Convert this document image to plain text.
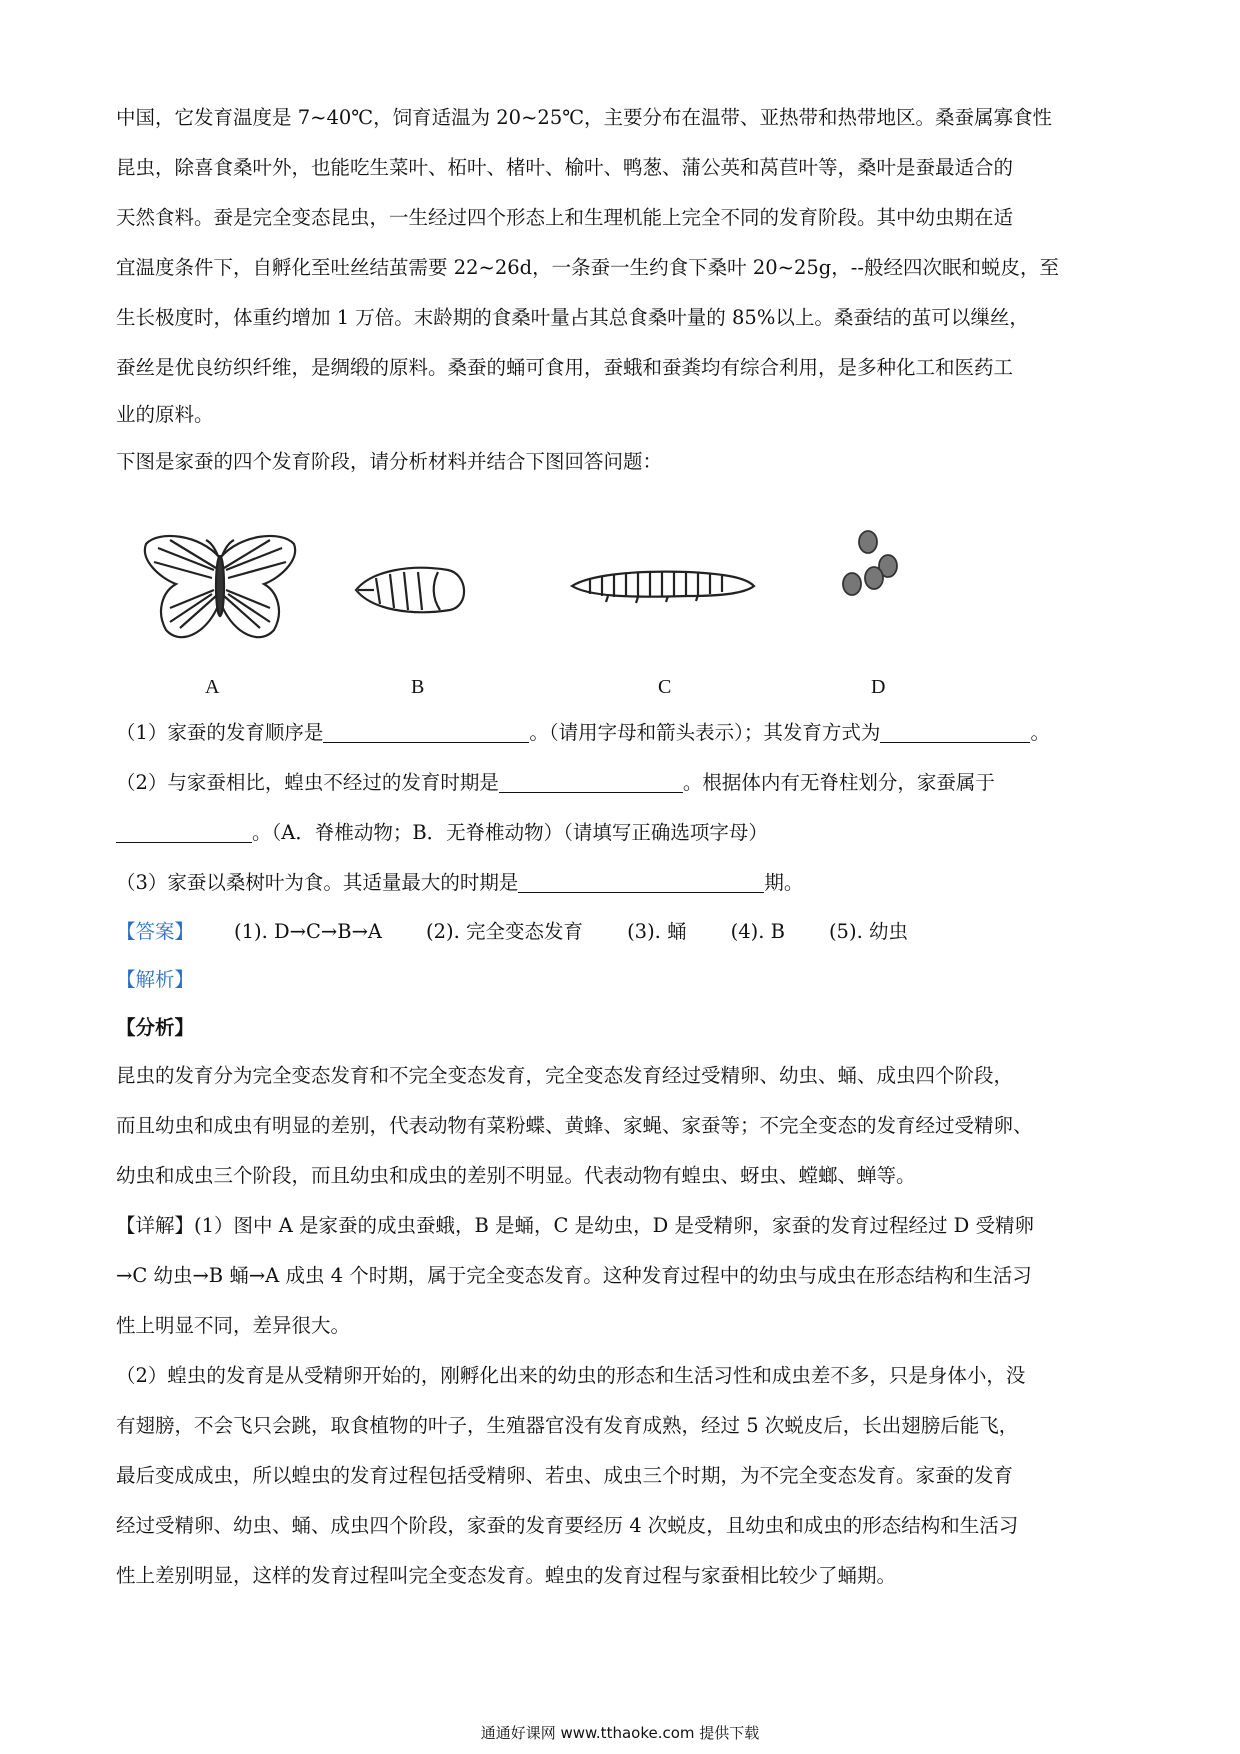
中国，它发育温度是 7~40℃，饲育适温为 20~25℃，主要分布在温带、亚热带和热带地区。桑蚕属寡食性
昆虫，除喜食桑叶外，也能吃生菜叶、柘叶、楮叶、榆叶、鸭葱、蒲公英和莴苣叶等，桑叶是蚕最适合的
天然食料。蚕是完全变态昆虫，一生经过四个形态上和生理机能上完全不同的发育阶段。其中幼虫期在适
宜温度条件下，自孵化至吐丝结茧需要 22~26d，一条蚕一生约食下桑叶 20~25g，--般经四次眠和蜕皮，至
生长极度时，体重约增加 1 万倍。末龄期的食桑叶量占其总食桑叶量的 85%以上。桑蚕结的茧可以缫丝，
蚕丝是优良纺织纤维，是绸缎的原料。桑蚕的蛹可食用，蚕蛾和蚕粪均有综合利用，是多种化工和医药工
业的原料。
下图是家蚕的四个发育阶段，请分析材料并结合下图回答问题：
A	B	C	D
（1）家蚕的发育顺序是	。（请用字母和箭头表示）；其发育方式为	。
（2）与家蚕相比，蝗虫不经过的发育时期是	。根据体内有无脊柱划分，家蚕属于
。（A．脊椎动物；B．无脊椎动物）（请填写正确选项字母）
（3）家蚕以桑树叶为食。其适量最大的时期是	期。
【答案】 (1). D→C→B→A (2). 完全变态发育 (3). 蛹 (4). B (5). 幼虫
【解析】
【分析】
昆虫的发育分为完全变态发育和不完全变态发育，完全变态发育经过受精卵、幼虫、蛹、成虫四个阶段，
而且幼虫和成虫有明显的差别，代表动物有菜粉蝶、黄蜂、家蝇、家蚕等；不完全变态的发育经过受精卵、
幼虫和成虫三个阶段，而且幼虫和成虫的差别不明显。代表动物有蝗虫、蚜虫、螳螂、蝉等。
【详解】(1）图中 A 是家蚕的成虫蚕蛾，B 是蛹，C 是幼虫，D 是受精卵，家蚕的发育过程经过 D 受精卵
→C 幼虫→B 蛹→A 成虫 4 个时期，属于完全变态发育。这种发育过程中的幼虫与成虫在形态结构和生活习
性上明显不同，差异很大。
（2）蝗虫的发育是从受精卵开始的，刚孵化出来的幼虫的形态和生活习性和成虫差不多，只是身体小，没
有翅膀，不会飞只会跳，取食植物的叶子，生殖器官没有发育成熟，经过 5 次蜕皮后，长出翅膀后能飞，
最后变成成虫，所以蝗虫的发育过程包括受精卵、若虫、成虫三个时期，为不完全变态发育。家蚕的发育
经过受精卵、幼虫、蛹、成虫四个阶段，家蚕的发育要经历 4 次蜕皮，且幼虫和成虫的形态结构和生活习
性上差别明显，这样的发育过程叫完全变态发育。蝗虫的发育过程与家蚕相比较少了蛹期。
通通好课网 www.tthaoke.com 提供下载
